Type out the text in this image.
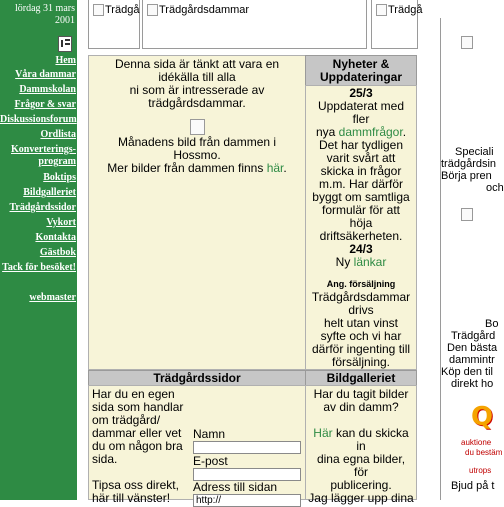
lördag 31 mars 2001
Hem
Våra dammar
Dammskolan
Frågor & svar
Diskussionsforum
Ordlista
Konverterings-
program
Boktips
Bildgalleriet
Trädgårdssidor
Vykort
Kontakta
Gästbok
Tack för besöket!
webmaster
Trädgå Trädgårdsdammar	Trädgå
Denna sida är tänkt att vara en
idékälla till alla
ni som är intresserade av
trädgårdsdammar.
Månadens bild från dammen i
Hossmo.
Mer bilder från dammen finns här.
Nyheter &
Uppdateringar
25/3
Uppdaterat med
fler
nya dammfrågor.
Det har tydligen
varit svårt att
skicka in frågor
m.m. Har därför
byggt om samtliga
formulär för att
höja
driftsäkerheten.
24/3
Ny länkar
Ang. försäljning
Trädgårdsdammar
drivs
helt utan vinst
syfte och vi har
därför ingenting till
försäljning.
Trädgårdssidor
Har du en egen
sida som handlar
om trädgård/
dammar eller vet
du om någon bra
sida.
Tipsa oss direkt,
här till vänster!
Namn
E-post
Adress till sidan
http://
Bildgalleriet
Har du tagit bilder
av din damm?
Här kan du skicka
in
dina egna bilder,
för
publicering.
Jag lägger upp dina
Speciali
trädgårdsin
Börja pren
och
Bo
Trädgård
Den bästa
dammintr
Köp den til
direkt ho
Q
auktione
du bestäm
utrops
Bjud på t
